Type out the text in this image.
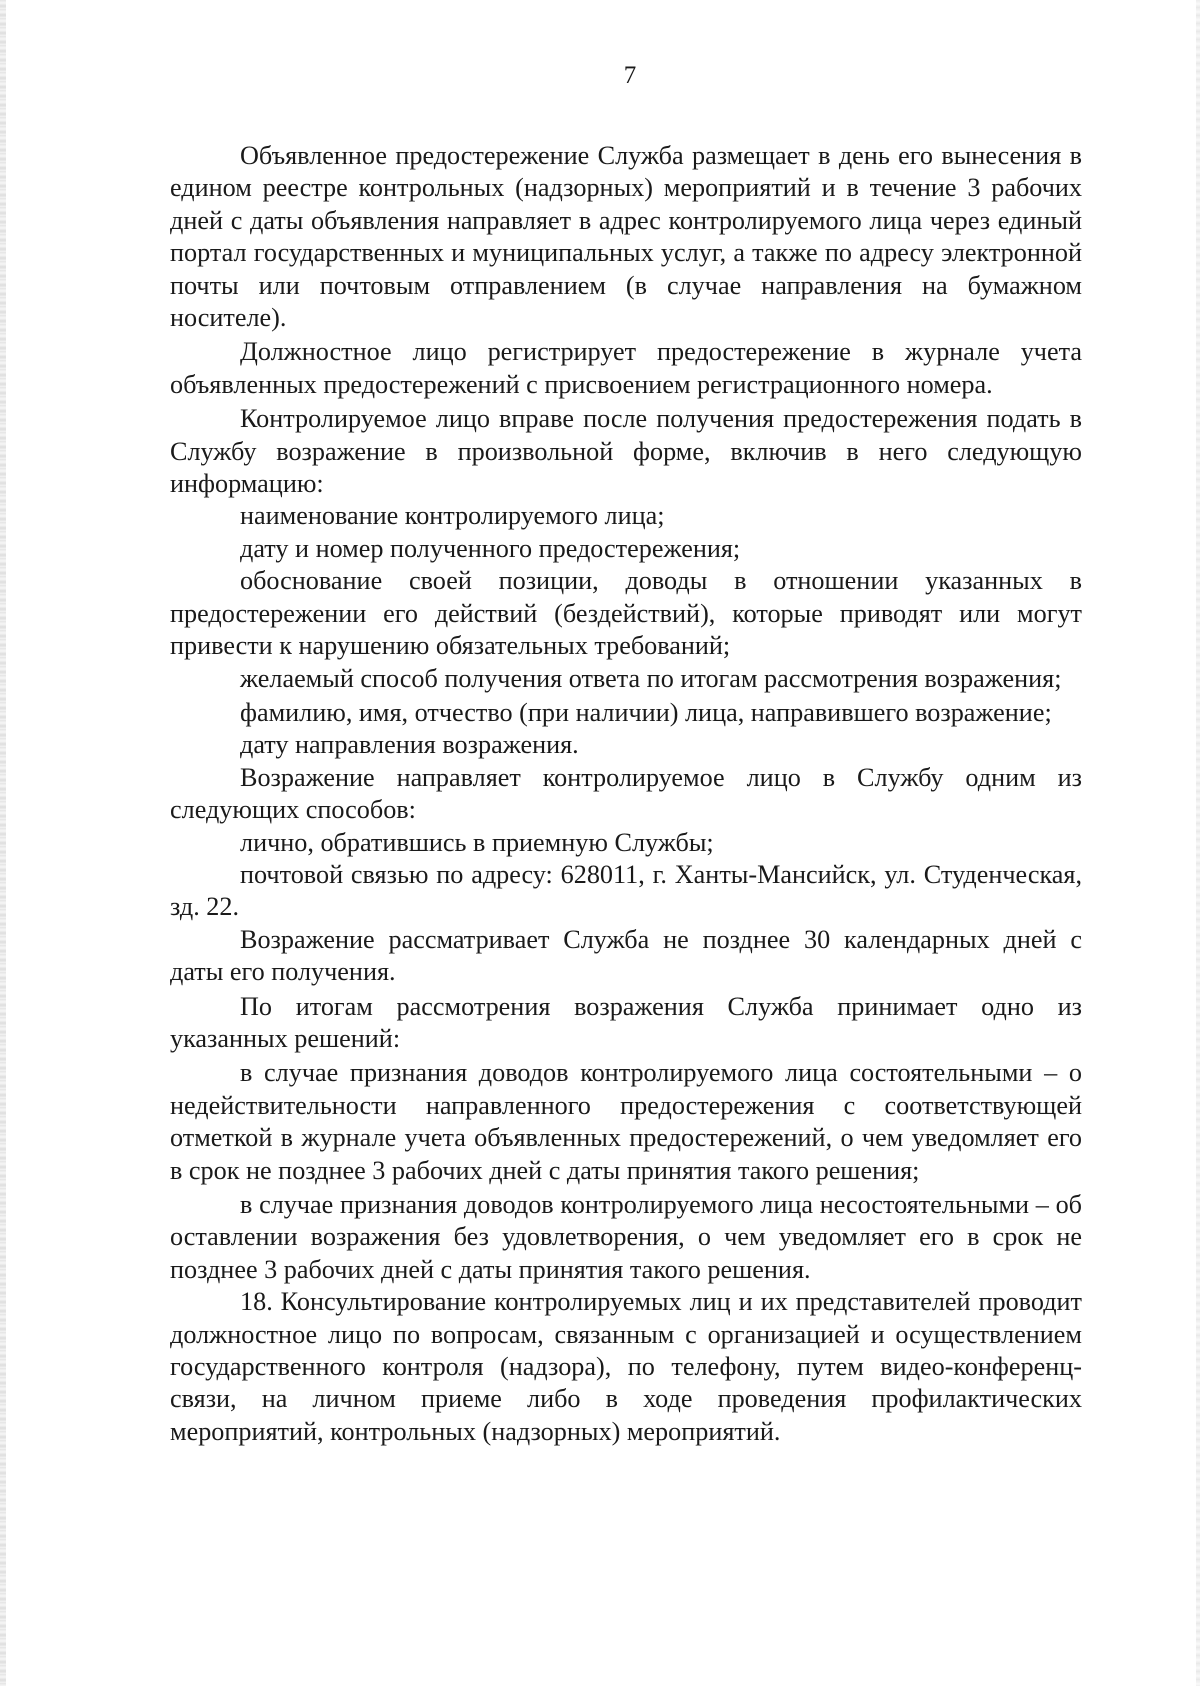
7

Объявленное предостережение Служба размещает в день его вынесения в едином реестре контрольных (надзорных) мероприятий и в течение 3 рабочих дней с даты объявления направляет в адрес контролируемого лица через единый портал государственных и муниципальных услуг, а также по адресу электронной почты или почтовым отправлением (в случае направления на бумажном носителе).

Должностное лицо регистрирует предостережение в журнале учета объявленных предостережений с присвоением регистрационного номера.

Контролируемое лицо вправе после получения предостережения подать в Службу возражение в произвольной форме, включив в него следующую информацию:

наименование контролируемого лица;

дату и номер полученного предостережения;

обоснование своей позиции, доводы в отношении указанных в предостережении его действий (бездействий), которые приводят или могут привести к нарушению обязательных требований;

желаемый способ получения ответа по итогам рассмотрения возражения;

фамилию, имя, отчество (при наличии) лица, направившего возражение;

дату направления возражения.

Возражение направляет контролируемое лицо в Службу одним из следующих способов:

лично, обратившись в приемную Службы;

почтовой связью по адресу: 628011, г. Ханты-Мансийск, ул. Студенческая, зд. 22.

Возражение рассматривает Служба не позднее 30 календарных дней с даты его получения.

По итогам рассмотрения возражения Служба принимает одно из указанных решений:

в случае признания доводов контролируемого лица состоятельными – о недействительности направленного предостережения с соответствующей отметкой в журнале учета объявленных предостережений, о чем уведомляет его в срок не позднее 3 рабочих дней с даты принятия такого решения;

в случае признания доводов контролируемого лица несостоятельными – об оставлении возражения без удовлетворения, о чем уведомляет его в срок не позднее 3 рабочих дней с даты принятия такого решения.

18. Консультирование контролируемых лиц и их представителей проводит должностное лицо по вопросам, связанным с организацией и осуществлением государственного контроля (надзора), по телефону, путем видео-конференц-связи, на личном приеме либо в ходе проведения профилактических мероприятий, контрольных (надзорных) мероприятий.
